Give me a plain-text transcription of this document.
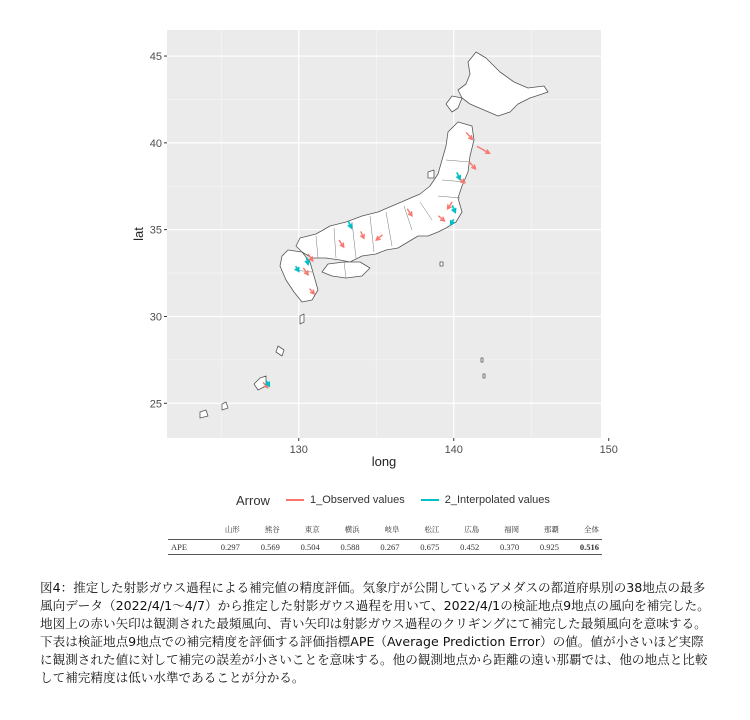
130	140	150
25
30
35
40
45
long
lat
Arrow	1_Observed values	2_Interpolated values
	山形	熊谷	東京	横浜	岐阜	松江	広島	福岡	那覇	全体
APE	0.297	0.569	0.504	0.588	0.267	0.675	0.452	0.370	0.925	0.516
図4：推定した射影ガウス過程による補完値の精度評価。気象庁が公開しているアメダスの都道府県別の38地点の最多風向データ（2022/4/1～4/7）から推定した射影ガウス過程を用いて、2022/4/1の検証地点9地点の風向を補完した。地図上の赤い矢印は観測された最頻風向、青い矢印は射影ガウス過程のクリギングにて補完した最頻風向を意味する。下表は検証地点9地点での補完精度を評価する評価指標APE（Average Prediction Error）の値。値が小さいほど実際に観測された値に対して補完の誤差が小さいことを意味する。他の観測地点から距離の遠い那覇では、他の地点と比較して補完精度は低い水準であることが分かる。
